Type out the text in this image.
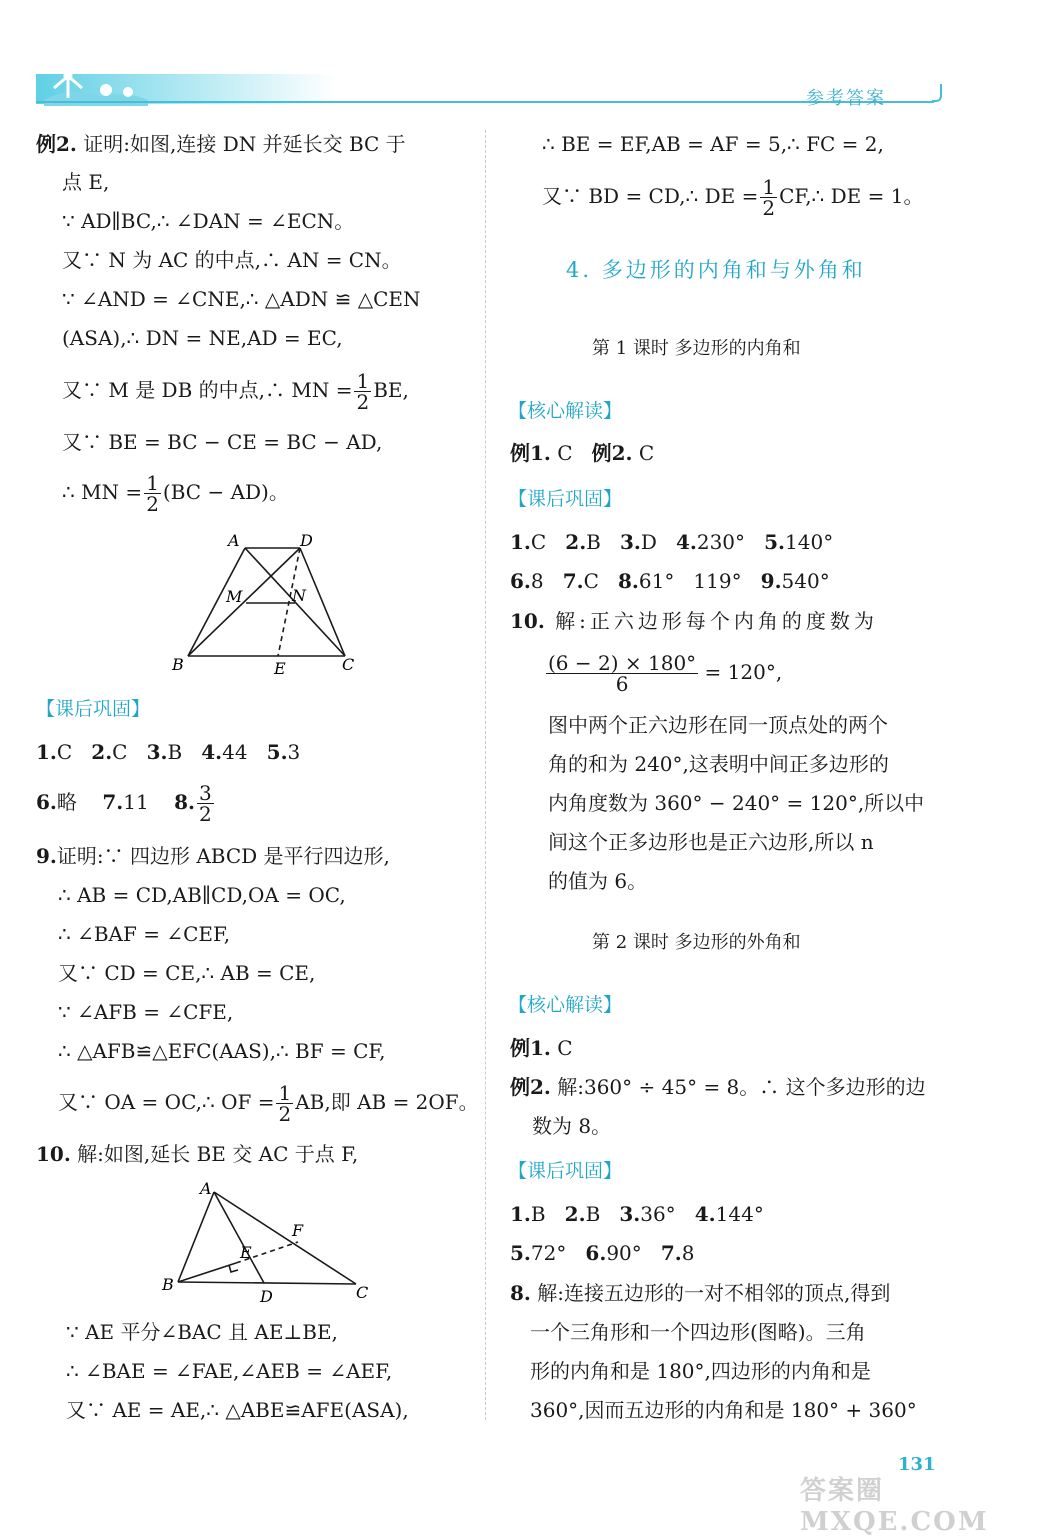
参考答案
例2. 证明:如图,连接 DN 并延长交 BC 于
点 E,
∵ AD∥BC,∴ ∠DAN = ∠ECN。
又∵ N 为 AC 的中点,∴ AN = CN。
∵ ∠AND = ∠CNE,∴ △ADN ≌ △CEN
(ASA),∴ DN = NE,AD = EC,
又∵ M 是 DB 的中点,∴ MN = $\frac{1}{2}$ BE,
又∵ BE = BC − CE = BC − AD,
∴ MN = $\frac{1}{2} (BC - AD)$。
A	D
M	N
B	E	C
【课后巩固】
1.C 2.C 3.B 4.44 5.3
6.略 7.11 8. $\frac{3}{2}$
9.证明:∵ 四边形 ABCD 是平行四边形,
∴ AB = CD,AB∥CD,OA = OC,
∴ ∠BAF = ∠CEF,
又∵ CD = CE,∴ AB = CE,
∵ ∠AFB = ∠CFE,
∴ △AFB≌△EFC(AAS),∴ BF = CF,
又∵ OA = OC,∴ OF = $\frac{1}{2}$ AB,即 AB = 2OF。
10. 解:如图,延长 BE 交 AC 于点 F,
A
F
E
B
D	C
∵ AE 平分∠BAC 且 AE⊥BE,
∴ ∠BAE = ∠FAE,∠AEB = ∠AEF,
又∵ AE = AE,∴ △ABE≌AFE(ASA),
∴ BE = EF,AB = AF = 5,∴ FC = 2,
又∵ BD = CD,∴ DE = $\frac{1}{2}$ CF,∴ DE = 1。
4. 多边形的内角和与外角和
第 1 课时 多边形的内角和
【核心解读】
例1. C 例2. C
【课后巩固】
1.C 2.B 3.D 4.230° 5.140°
6.8 7.C 8.61°   119° 9.540°
10. 解:正六边形每个内角的度数为
$\frac{(6 - 2) \times 180^\circ}{6} = 120^\circ$,
图中两个正六边形在同一顶点处的两个
角的和为 240°,这表明中间正多边形的
内角度数为 360° − 240° = 120°,所以中
间这个正多边形也是正六边形,所以 n
的值为 6。
第 2 课时 多边形的外角和
【核心解读】
例1. C
例2. 解:360° ÷ 45° = 8。∴ 这个多边形的边
数为 8。
【课后巩固】
1.B 2.B 3.36° 4.144°
5.72° 6.90° 7.8
8. 解:连接五边形的一对不相邻的顶点,得到
一个三角形和一个四边形(图略)。三角
形的内角和是 180°,四边形的内角和是
360°,因而五边形的内角和是 180° + 360°
131
答案圈 MXQE.COM
